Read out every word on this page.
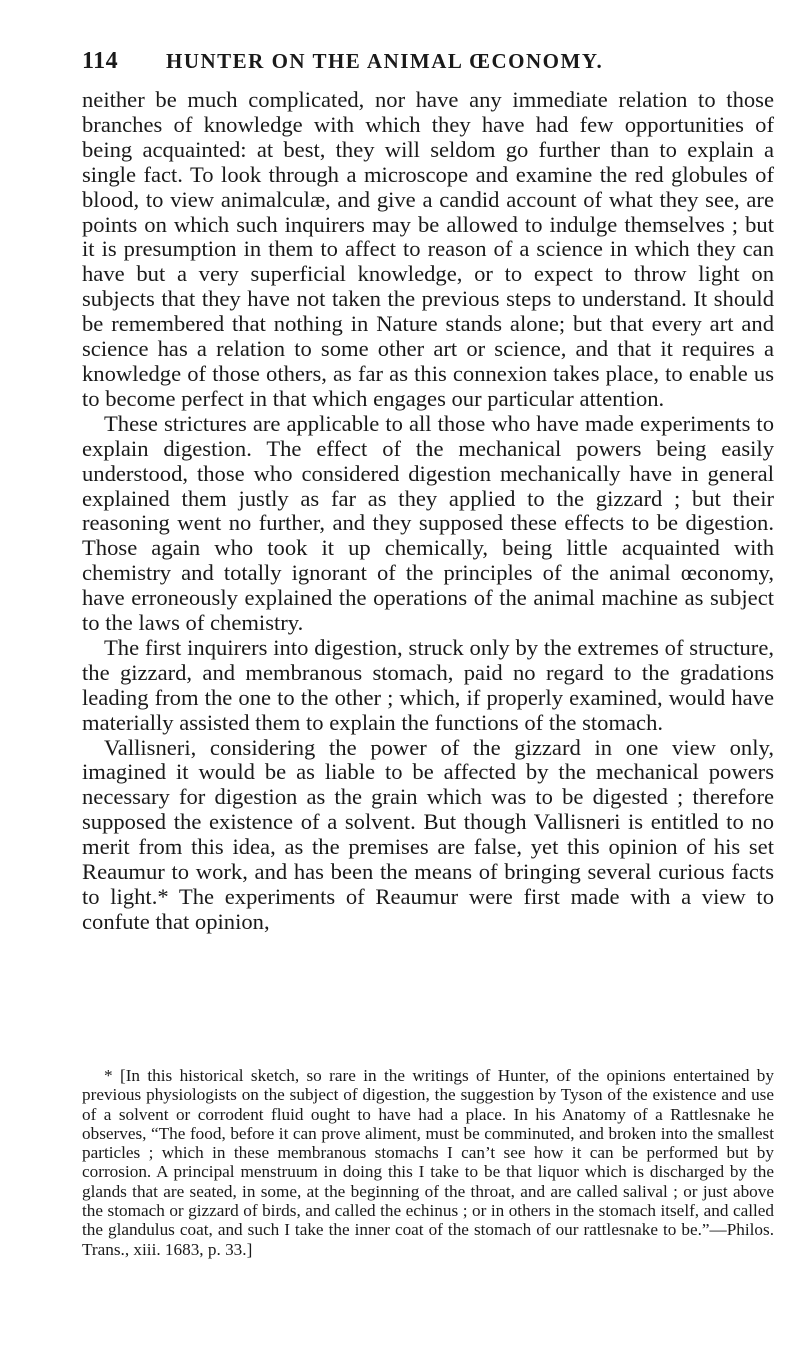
114 HUNTER ON THE ANIMAL ŒCONOMY.

neither be much complicated, nor have any immediate relation to those branches of knowledge with which they have had few opportunities of being acquainted: at best, they will seldom go further than to explain a single fact. To look through a microscope and examine the red globules of blood, to view animalculæ, and give a candid account of what they see, are points on which such inquirers may be allowed to indulge themselves ; but it is presumption in them to affect to reason of a science in which they can have but a very superficial knowledge, or to expect to throw light on subjects that they have not taken the previous steps to understand. It should be remembered that nothing in Nature stands alone; but that every art and science has a relation to some other art or science, and that it requires a knowledge of those others, as far as this connexion takes place, to enable us to become perfect in that which engages our particular attention.

These strictures are applicable to all those who have made experiments to explain digestion. The effect of the mechanical powers being easily understood, those who considered digestion mechanically have in general explained them justly as far as they applied to the gizzard ; but their reasoning went no further, and they supposed these effects to be digestion. Those again who took it up chemically, being little acquainted with chemistry and totally ignorant of the principles of the animal œconomy, have erroneously explained the operations of the animal machine as subject to the laws of chemistry.

The first inquirers into digestion, struck only by the extremes of structure, the gizzard, and membranous stomach, paid no regard to the gradations leading from the one to the other ; which, if properly examined, would have materially assisted them to explain the functions of the stomach.

Vallisneri, considering the power of the gizzard in one view only, imagined it would be as liable to be affected by the mechanical powers necessary for digestion as the grain which was to be digested ; therefore supposed the existence of a solvent. But though Vallisneri is entitled to no merit from this idea, as the premises are false, yet this opinion of his set Reaumur to work, and has been the means of bringing several curious facts to light.* The experiments of Reaumur were first made with a view to confute that opinion,

* [In this historical sketch, so rare in the writings of Hunter, of the opinions entertained by previous physiologists on the subject of digestion, the suggestion by Tyson of the existence and use of a solvent or corrodent fluid ought to have had a place. In his Anatomy of a Rattlesnake he observes, “The food, before it can prove aliment, must be comminuted, and broken into the smallest particles ; which in these membranous stomachs I can’t see how it can be performed but by corrosion. A principal menstruum in doing this I take to be that liquor which is discharged by the glands that are seated, in some, at the beginning of the throat, and are called salival ; or just above the stomach or gizzard of birds, and called the echinus ; or in others in the stomach itself, and called the glandulus coat, and such I take the inner coat of the stomach of our rattlesnake to be.”—Philos. Trans., xiii. 1683, p. 33.]
